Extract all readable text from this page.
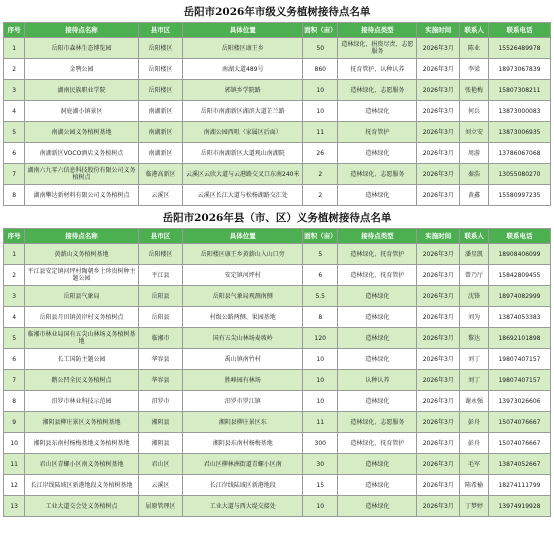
岳阳市2026年市级义务植树接待点名单
序号	接待点名称	县市区	具体位置	面积（亩）	接待点类型	实施时间	联系人	联系电话
1	岳阳市森林生态博览园	岳阳楼区	岳阳楼区康王乡	50	造林绿化、捐资尽责、志愿服务	2026年3月	陈业	15526489978
2	金鹗公园	岳阳楼区	南湖大道489号	860	抚育管护、认种认养	2026年3月	李梁	18973067839
3	湖南民族职业学院	岳阳楼区	郭镇乡学院路	10	造林绿化、志愿服务	2026年3月	张艳梅	15807308211
4	洞庭湖小镇景区	南湖新区	岳阳市南湖新区湖滨大道芷兰路	10	造林绿化	2026年3月	何兵	13873000083
5	南湖公园义务植树基地	南湖新区	南湖公园西咀（家属区后面）	11	抚育管护	2026年3月	刘立安	13873006935
6	南湖新区VOCO酒店义务植树点	南湖新区	岳阳市南湖新区大道观山南湖院	26	造林绿化	2026年3月	周游	13786067068
7	湖南六九零六信息科技股份有限公司义务植树点	临港高新区	云溪区云欣大道与云港路交叉口东南240米	2	造林绿化、志愿服务	2026年3月	秦浩	13055080270
8	湖南攀达新材料有限公司义务植树点	云溪区	云溪区长江大道与松杨湖路交汇处	2	造林绿化	2026年3月	黄鑫	15580997235
岳阳市2026年县（市、区）义务植树接待点名单
序号	接待点名称	县市区	具体位置	面积（亩）	接待点类型	实施时间	联系人	联系电话
1	黄薪山义务植树基地	岳阳楼区	岳阳楼区康王乡黄薪山入山口旁	5	造林绿化、抚育管护	2026年3月	潘星凯	18908406099
2	平江县安定镇河坪村陶朝乡土珍贵树种主题公园	平江县	安定镇河坪村	6	造林绿化、抚育管护	2026年3月	曾乃厅	15842809455
3	岳阳县气象局	岳阳县	岳阳县气象局观测南侧	5.5	造林绿化	2026年3月	沈锋	18974082999
4	岳阳县月田镇黄岸村义务植树点	岳阳县	村级公路两侧、果园基地	8	造林绿化	2026年3月	刘为	13874053383
5	临湘市林业局国有五尖山林场义务植树基地	临湘市	国有五尖山林场麦坡岭	120	造林绿化	2026年3月	黎达	18692101898
6	长工国防主题公园	华容县	禹山镇南竹村	10	造林绿化	2026年3月	刘丁	19807407157
7	鹅公凹全民义务植树点	华容县	胜峰园有林场	10	认种认养	2026年3月	刘丁	19807407157
8	汨罗市林业科技示范园	汨罗市	汨罗市罗江镇	10	造林绿化	2026年3月	谢永强	13973026606
9	湘阴县柳庄景区义务植树基地	湘阴县	湘阴县柳庄景区东	11	造林绿化、志愿服务	2026年3月	彭舟	15074076667
10	湘阴县东南村杨梅基地义务植树基地	湘阴县	湘阴县东南村杨梅基地	300	造林绿化、抚育管护	2026年3月	彭舟	15074076667
11	君山区青螺小区南义务植树基地	君山区	君山区柳林洲街道青螺小区南	30	造林绿化	2026年3月	毛军	13874052667
12	长江岸线陆域区新港地段义务植树基地	云溪区	长江岸线陆域区新港地段	15	造林绿化	2026年3月	陈希榆	18274111799
13	工业大道交会处义务植树点	屈原管理区	工业大道与西大堤交接处	10	造林绿化	2026年3月	丁梦婷	13974919928
